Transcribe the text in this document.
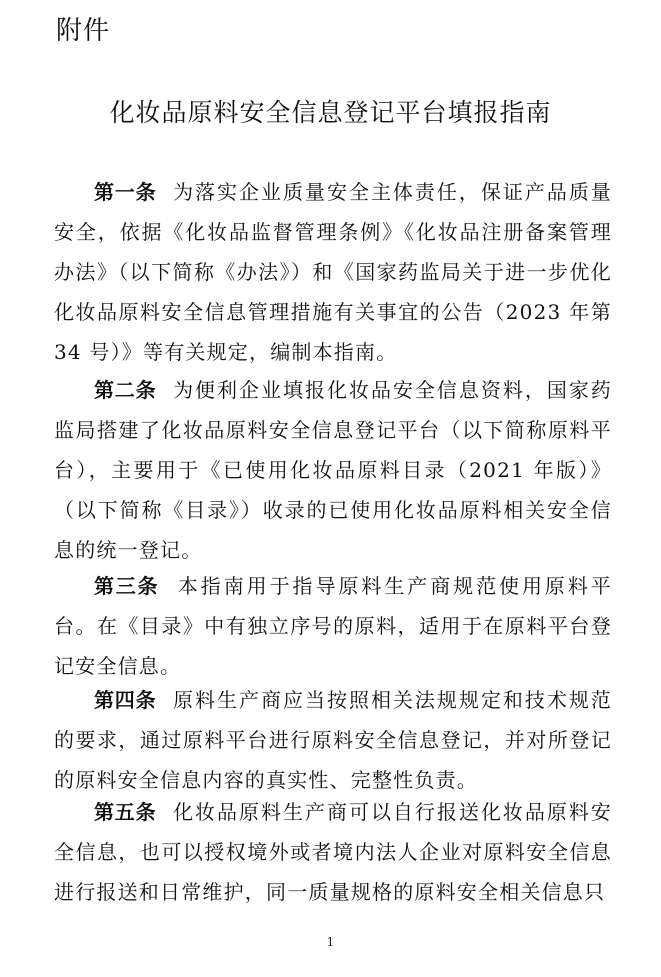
附件
化妆品原料安全信息登记平台填报指南

第一条 为落实企业质量安全主体责任，保证产品质量安全，依据《化妆品监督管理条例》《化妆品注册备案管理办法》（以下简称《办法》）和《国家药监局关于进一步优化化妆品原料安全信息管理措施有关事宜的公告（2023 年第 34 号）》等有关规定，编制本指南。

第二条 为便利企业填报化妆品安全信息资料，国家药监局搭建了化妆品原料安全信息登记平台（以下简称原料平台），主要用于《已使用化妆品原料目录（2021 年版）》（以下简称《目录》）收录的已使用化妆品原料相关安全信息的统一登记。

第三条 本指南用于指导原料生产商规范使用原料平台。在《目录》中有独立序号的原料，适用于在原料平台登记安全信息。

第四条 原料生产商应当按照相关法规规定和技术规范的要求，通过原料平台进行原料安全信息登记，并对所登记的原料安全信息内容的真实性、完整性负责。

第五条 化妆品原料生产商可以自行报送化妆品原料安全信息，也可以授权境外或者境内法人企业对原料安全信息进行报送和日常维护，同一质量规格的原料安全相关信息只

1
